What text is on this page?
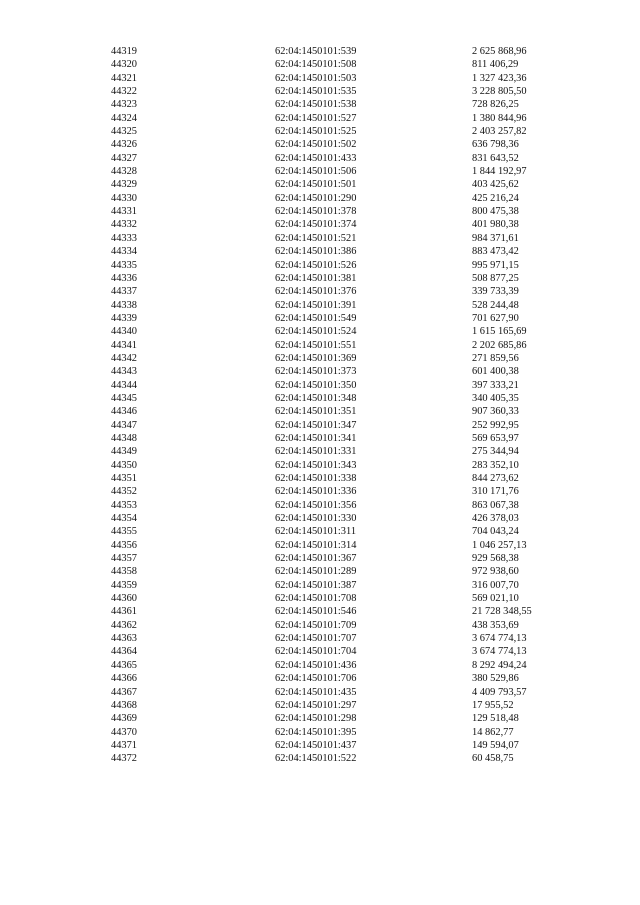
44319	62:04:1450101:539	2 625 868,96
44320	62:04:1450101:508	811 406,29
44321	62:04:1450101:503	1 327 423,36
44322	62:04:1450101:535	3 228 805,50
44323	62:04:1450101:538	728 826,25
44324	62:04:1450101:527	1 380 844,96
44325	62:04:1450101:525	2 403 257,82
44326	62:04:1450101:502	636 798,36
44327	62:04:1450101:433	831 643,52
44328	62:04:1450101:506	1 844 192,97
44329	62:04:1450101:501	403 425,62
44330	62:04:1450101:290	425 216,24
44331	62:04:1450101:378	800 475,38
44332	62:04:1450101:374	401 980,38
44333	62:04:1450101:521	984 371,61
44334	62:04:1450101:386	883 473,42
44335	62:04:1450101:526	995 971,15
44336	62:04:1450101:381	508 877,25
44337	62:04:1450101:376	339 733,39
44338	62:04:1450101:391	528 244,48
44339	62:04:1450101:549	701 627,90
44340	62:04:1450101:524	1 615 165,69
44341	62:04:1450101:551	2 202 685,86
44342	62:04:1450101:369	271 859,56
44343	62:04:1450101:373	601 400,38
44344	62:04:1450101:350	397 333,21
44345	62:04:1450101:348	340 405,35
44346	62:04:1450101:351	907 360,33
44347	62:04:1450101:347	252 992,95
44348	62:04:1450101:341	569 653,97
44349	62:04:1450101:331	275 344,94
44350	62:04:1450101:343	283 352,10
44351	62:04:1450101:338	844 273,62
44352	62:04:1450101:336	310 171,76
44353	62:04:1450101:356	863 067,38
44354	62:04:1450101:330	426 378,03
44355	62:04:1450101:311	704 043,24
44356	62:04:1450101:314	1 046 257,13
44357	62:04:1450101:367	929 568,38
44358	62:04:1450101:289	972 938,60
44359	62:04:1450101:387	316 007,70
44360	62:04:1450101:708	569 021,10
44361	62:04:1450101:546	21 728 348,55
44362	62:04:1450101:709	438 353,69
44363	62:04:1450101:707	3 674 774,13
44364	62:04:1450101:704	3 674 774,13
44365	62:04:1450101:436	8 292 494,24
44366	62:04:1450101:706	380 529,86
44367	62:04:1450101:435	4 409 793,57
44368	62:04:1450101:297	17 955,52
44369	62:04:1450101:298	129 518,48
44370	62:04:1450101:395	14 862,77
44371	62:04:1450101:437	149 594,07
44372	62:04:1450101:522	60 458,75
